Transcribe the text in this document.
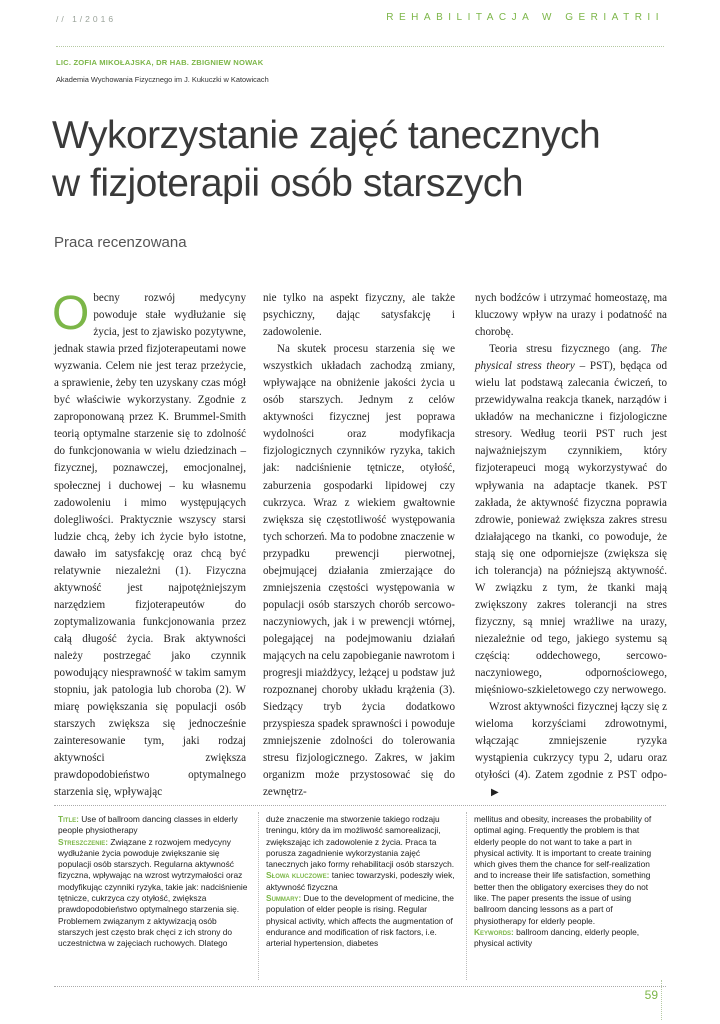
// 1/2016	REHABILITACJA W GERIATRII
LIC. ZOFIA MIKOŁAJSKA, DR HAB. ZBIGNIEW NOWAK
Akademia Wychowania Fizycznego im J. Kukuczki w Katowicach
Wykorzystanie zajęć tanecznych
w fizjoterapii osób starszych
Praca recenzowana

Obecny rozwój medycyny powoduje stałe wydłużanie się życia, jest to zjawisko pozytywne, jednak stawia przed fizjoterapeutami nowe wyzwania. Celem nie jest teraz przeżycie, a sprawienie, żeby ten uzyskany czas mógł być właściwie wykorzystany. Zgodnie z zaproponowaną przez K. Brummel-Smith teorią optymalne starzenie się to zdolność do funkcjonowania w wielu dziedzinach – fizycznej, poznawczej, emocjonalnej, społecznej i duchowej – ku własnemu zadowoleniu i mimo występujących dolegliwości. Praktycznie wszyscy starsi ludzie chcą, żeby ich życie było istotne, dawało im satysfakcję oraz chcą być relatywnie niezależni (1). Fizyczna aktywność jest najpotężniejszym narzędziem fizjoterapeutów do zoptymalizowania funkcjonowania przez całą długość życia. Brak aktywności należy postrzegać jako czynnik powodujący niesprawność w takim samym stopniu, jak patologia lub choroba (2). W miarę powiększania się populacji osób starszych zwiększa się jednocześnie zainteresowanie tym, jaki rodzaj aktywności zwiększa prawdopodobieństwo optymalnego starzenia się, wpływając

nie tylko na aspekt fizyczny, ale także psychiczny, dając satysfakcję i zadowolenie.

Na skutek procesu starzenia się we wszystkich układach zachodzą zmiany, wpływające na obniżenie jakości życia u osób starszych. Jednym z celów aktywności fizycznej jest poprawa wydolności oraz modyfikacja fizjologicznych czynników ryzyka, takich jak: nadciśnienie tętnicze, otyłość, zaburzenia gospodarki lipidowej czy cukrzyca. Wraz z wiekiem gwałtownie zwiększa się częstotliwość występowania tych schorzeń. Ma to podobne znaczenie w przypadku prewencji pierwotnej, obejmującej działania zmierzające do zmniejszenia częstości występowania w populacji osób starszych chorób sercowo-naczyniowych, jak i w prewencji wtórnej, polegającej na podejmowaniu działań mających na celu zapobieganie nawrotom i progresji miażdżycy, leżącej u podstaw już rozpoznanej choroby układu krążenia (3). Siedzący tryb życia dodatkowo przyspiesza spadek sprawności i powoduje zmniejszenie zdolności do tolerowania stresu fizjologicznego. Zakres, w jakim organizm może przystosować się do zewnętrz-

nych bodźców i utrzymać homeostazę, ma kluczowy wpływ na urazy i podatność na chorobę.

Teoria stresu fizycznego (ang. The physical stress theory – PST), będąca od wielu lat podstawą zalecania ćwiczeń, to przewidywalna reakcja tkanek, narządów i układów na mechaniczne i fizjologiczne stresory. Według teorii PST ruch jest najważniejszym czynnikiem, który fizjoterapeuci mogą wykorzystywać do wpływania na adaptacje tkanek. PST zakłada, że aktywność fizyczna poprawia zdrowie, ponieważ zwiększa zakres stresu działającego na tkanki, co powoduje, że stają się one odporniejsze (zwiększa się ich tolerancja) na późniejszą aktywność. W związku z tym, że tkanki mają zwiększony zakres tolerancji na stres fizyczny, są mniej wrażliwe na urazy, niezależnie od tego, jakiego systemu są częścią: oddechowego, sercowo-naczyniowego, odpornościowego, mięśniowo-szkieletowego czy nerwowego.

Wzrost aktywności fizycznej łączy się z wieloma korzyściami zdrowotnymi, włączając zmniejszenie ryzyka wystąpienia cukrzycy typu 2, udaru oraz otyłości (4). Zatem zgodnie z PST odpo-▶

Title: Use of ballroom dancing classes in elderly people physiotherapy
Streszczenie: Związane z rozwojem medycyny wydłużanie życia powoduje zwiększanie się populacji osób starszych. Regularna aktywność fizyczna, wpływając na wzrost wytrzymałości oraz modyfikując czynniki ryzyka, takie jak: nadciśnienie tętnicze, cukrzyca czy otyłość, zwiększa prawdopodobieństwo optymalnego starzenia się. Problemem związanym z aktywizacją osób starszych jest często brak chęci z ich strony do uczestnictwa w zajęciach ruchowych. Dlatego
duże znaczenie ma stworzenie takiego rodzaju treningu, który da im możliwość samorealizacji, zwiększając ich zadowolenie z życia. Praca ta porusza zagadnienie wykorzystania zajęć tanecznych jako formy rehabilitacji osób starszych.
Słowa kluczowe: taniec towarzyski, podeszły wiek, aktywność fizyczna
Summary: Due to the development of medicine, the population of elder people is rising. Regular physical activity, which affects the augmentation of endurance and modification of risk factors, i.e. arterial hypertension, diabetes
mellitus and obesity, increases the probability of optimal aging. Frequently the problem is that elderly people do not want to take a part in physical activity. It is important to create training which gives them the chance for self-realization and to increase their life satisfaction, something better then the obligatory exercises they do not like. The paper presents the issue of using ballroom dancing lessons as a part of physiotherapy for elderly people.
Keywords: ballroom dancing, elderly people, physical activity
59
